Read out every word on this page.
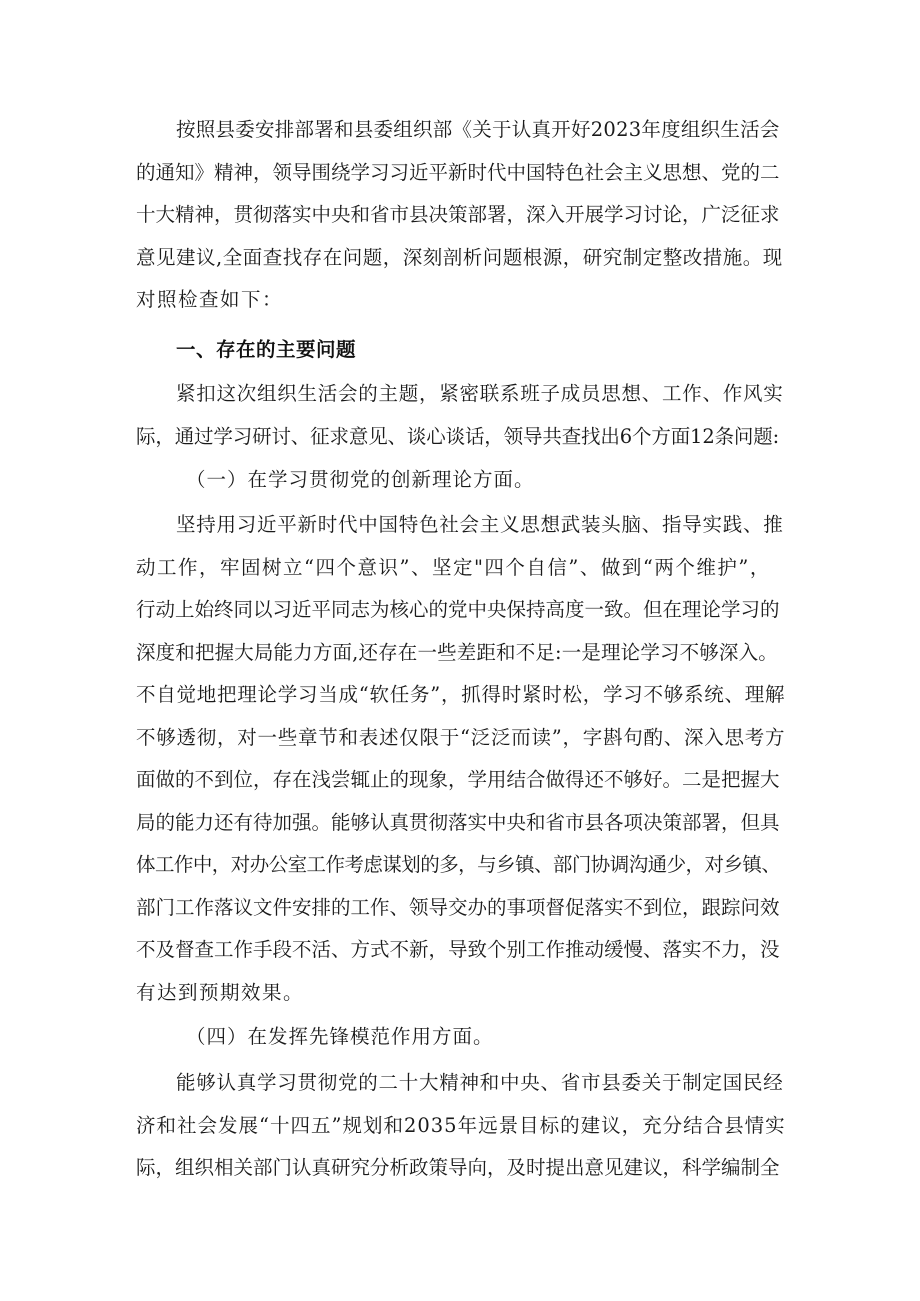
按照县委安排部署和县委组织部《关于认真开好2023年度组织生活会
的通知》精神，领导围绕学习习近平新时代中国特色社会主义思想、党的二
十大精神，贯彻落实中央和省市县决策部署，深入开展学习讨论，广泛征求
意见建议,全面查找存在问题，深刻剖析问题根源，研究制定整改措施。现
对照检查如下：
一、存在的主要问题
紧扣这次组织生活会的主题，紧密联系班子成员思想、工作、作风实
际，通过学习研讨、征求意见、谈心谈话，领导共查找出6个方面12条问题:
（一）在学习贯彻党的创新理论方面。
坚持用习近平新时代中国特色社会主义思想武装头脑、指导实践、推
动工作，牢固树立“四个意识”、坚定"四个自信”、做到“两个维护”，
行动上始终同以习近平同志为核心的党中央保持高度一致。但在理论学习的
深度和把握大局能力方面,还存在一些差距和不足:一是理论学习不够深入。
不自觉地把理论学习当成“软任务”，抓得时紧时松，学习不够系统、理解
不够透彻，对一些章节和表述仅限于“泛泛而读”，字斟句酌、深入思考方
面做的不到位，存在浅尝辄止的现象，学用结合做得还不够好。二是把握大
局的能力还有待加强。能够认真贯彻落实中央和省市县各项决策部署，但具
体工作中，对办公室工作考虑谋划的多，与乡镇、部门协调沟通少，对乡镇、
部门工作落议文件安排的工作、领导交办的事项督促落实不到位，跟踪问效
不及督查工作手段不活、方式不新，导致个别工作推动缓慢、落实不力，没
有达到预期效果。
（四）在发挥先锋模范作用方面。
能够认真学习贯彻党的二十大精神和中央、省市县委关于制定国民经
济和社会发展“十四五”规划和2035年远景目标的建议，充分结合县情实
际，组织相关部门认真研究分析政策导向，及时提出意见建议，科学编制全
